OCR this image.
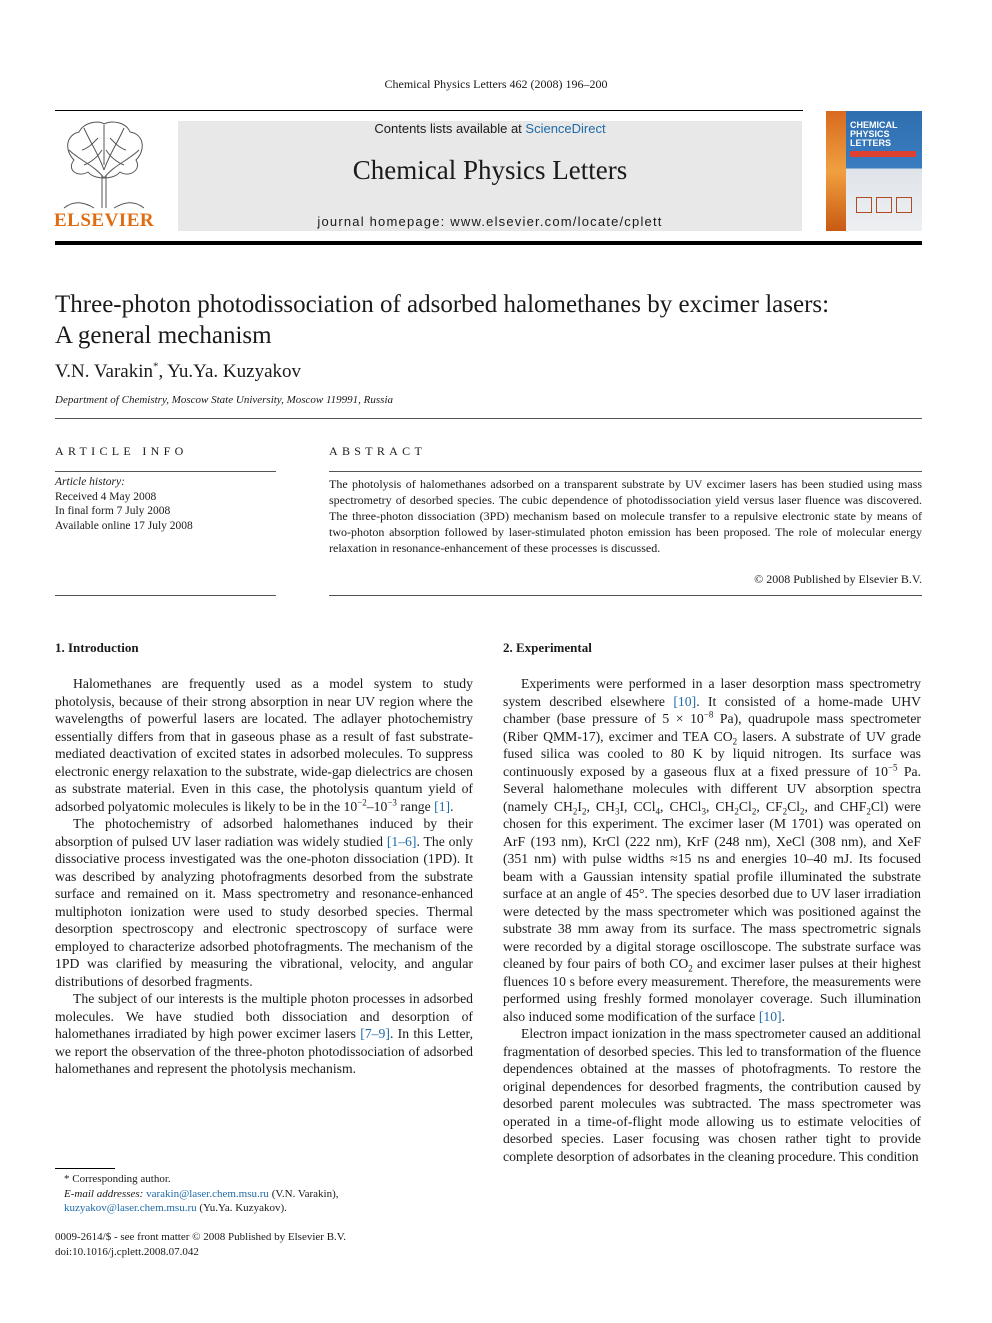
Chemical Physics Letters 462 (2008) 196–200
ELSEVIER
Contents lists available at ScienceDirect
Chemical Physics Letters
journal homepage: www.elsevier.com/locate/cplett
CHEMICAL
PHYSICS
LETTERS
Three-photon photodissociation of adsorbed halomethanes by excimer lasers:
A general mechanism
V.N. Varakin*, Yu.Ya. Kuzyakov
Department of Chemistry, Moscow State University, Moscow 119991, Russia
ARTICLE INFO	ABSTRACT
Article history:
Received 4 May 2008
In final form 7 July 2008
Available online 17 July 2008
The photolysis of halomethanes adsorbed on a transparent substrate by UV excimer lasers has been studied using mass spectrometry of desorbed species. The cubic dependence of photodissociation yield versus laser fluence was discovered. The three-photon dissociation (3PD) mechanism based on molecule transfer to a repulsive electronic state by means of two-photon absorption followed by laser-stimulated photon emission has been proposed. The role of molecular energy relaxation in resonance-enhancement of these processes is discussed.
© 2008 Published by Elsevier B.V.
1. Introduction	2. Experimental

Halomethanes are frequently used as a model system to study photolysis, because of their strong absorption in near UV region where the wavelengths of powerful lasers are located. The adlayer photochemistry essentially differs from that in gaseous phase as a result of fast substrate-mediated deactivation of excited states in adsorbed molecules. To suppress electronic energy relaxation to the substrate, wide-gap dielectrics are chosen as substrate material. Even in this case, the photolysis quantum yield of adsorbed polyatomic molecules is likely to be in the $10^{-2}-10^{-3}$ range [1].

The photochemistry of adsorbed halomethanes induced by their absorption of pulsed UV laser radiation was widely studied [1–6]. The only dissociative process investigated was the one-photon dissociation (1PD). It was described by analyzing photofragments desorbed from the substrate surface and remained on it. Mass spectrometry and resonance-enhanced multiphoton ionization were used to study desorbed species. Thermal desorption spectroscopy and electronic spectroscopy of surface were employed to characterize adsorbed photofragments. The mechanism of the 1PD was clarified by measuring the vibrational, velocity, and angular distributions of desorbed fragments.

The subject of our interests is the multiple photon processes in adsorbed molecules. We have studied both dissociation and desorption of halomethanes irradiated by high power excimer lasers [7–9]. In this Letter, we report the observation of the three-photon photodissociation of adsorbed halomethanes and represent the photolysis mechanism.

Experiments were performed in a laser desorption mass spectrometry system described elsewhere [10]. It consisted of a home-made UHV chamber (base pressure of $5 \times 10^{-8}$ Pa), quadrupole mass spectrometer (Riber QMM-17), excimer and TEA $CO_2$ lasers. A substrate of UV grade fused silica was cooled to 80 K by liquid nitrogen. Its surface was continuously exposed by a gaseous flux at a fixed pressure of $10^{-5}$ Pa. Several halomethane molecules with different UV absorption spectra (namely $CH_2I_2$, $CH_3I$, CCl$_4$, CHCl$_3$, $CH_2Cl_2$, $CF_2Cl_2$, and $CHF_2Cl$) were chosen for this experiment. The excimer laser (M 1701) was operated on ArF (193 nm), KrCl (222 nm), KrF (248 nm), XeCl (308 nm), and XeF (351 nm) with pulse widths ≈15 ns and energies 10–40 mJ. Its focused beam with a Gaussian intensity spatial profile illuminated the substrate surface at an angle of 45°. The species desorbed due to UV laser irradiation were detected by the mass spectrometer which was positioned against the substrate 38 mm away from its surface. The mass spectrometric signals were recorded by a digital storage oscilloscope. The substrate surface was cleaned by four pairs of both $CO_2$ and excimer laser pulses at their highest fluences 10 s before every measurement. Therefore, the measurements were performed using freshly formed monolayer coverage. Such illumination also induced some modification of the surface [10].

Electron impact ionization in the mass spectrometer caused an additional fragmentation of desorbed species. This led to transformation of the fluence dependences obtained at the masses of photofragments. To restore the original dependences for desorbed fragments, the contribution caused by desorbed parent molecules was subtracted. The mass spectrometer was operated in a time-of-flight mode allowing us to estimate velocities of desorbed species. Laser focusing was chosen rather tight to provide complete desorption of adsorbates in the cleaning procedure. This condition

* Corresponding author.
E-mail addresses: varakin@laser.chem.msu.ru (V.N. Varakin), kuzyakov@laser.chem.msu.ru (Yu.Ya. Kuzyakov).
0009-2614/$ - see front matter © 2008 Published by Elsevier B.V.
doi:10.1016/j.cplett.2008.07.042
